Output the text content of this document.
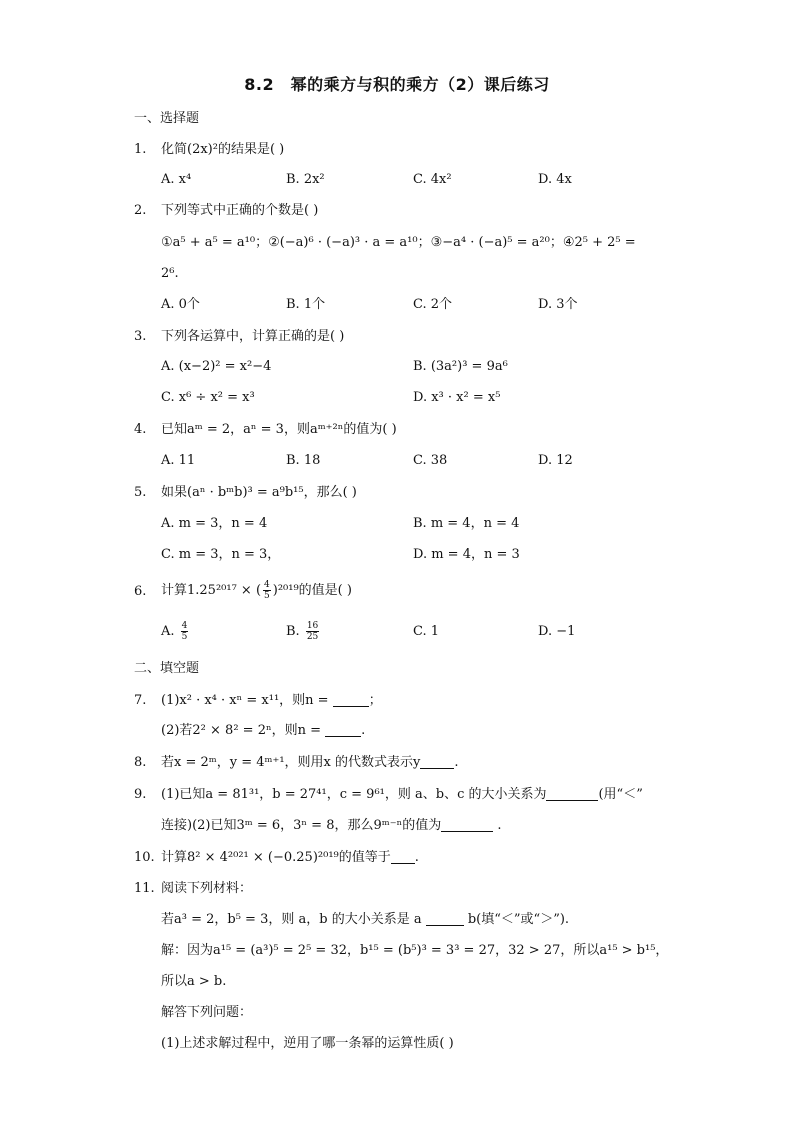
8.2　幂的乘方与积的乘方（2）课后练习
一、选择题
1. 化简(2x)²的结果是( )
A. x⁴	B. 2x²	C. 4x²	D. 4x
2. 下列等式中正确的个数是( )
①a⁵ + a⁵ = a¹⁰；②(−a)⁶ · (−a)³ · a = a¹⁰；③−a⁴ · (−a)⁵ = a²⁰；④2⁵ + 2⁵ =
2⁶.
A. 0个	B. 1个	C. 2个	D. 3个
3. 下列各运算中，计算正确的是( )
A. (x−2)² = x²−4	B. (3a²)³ = 9a⁶
C. x⁶ ÷ x² = x³	D. x³ · x² = x⁵
4. 已知aᵐ = 2，aⁿ = 3，则aᵐ⁺²ⁿ的值为( )
A. 11	B. 18	C. 38	D. 12
5. 如果(aⁿ · bᵐb)³ = a⁹b¹⁵，那么( )
A. m = 3，n = 4	B. m = 4，n = 4
C. m = 3，n = 3，	D. m = 4，n = 3
6. 计算1.25²⁰¹⁷ × ( $\frac{4}{5} )^{2019}$的值是( )
A. $\frac{4}{5}$	B. $\frac{16}{25}$	C. 1	D. −1
二、填空题
7. (1)x² · x⁴ · xⁿ = x¹¹，则n =	；
(2)若2² × 8² = 2ⁿ，则n =	.
8. 若x = 2ᵐ，y = 4ᵐ⁺¹，则用x 的代数式表示y	.
9. (1)已知a = 81³¹，b = 27⁴¹，c = 9⁶¹，则 a、b、c 的大小关系为	(用“＜”
连接)(2)已知3ᵐ = 6，3ⁿ = 8，那么9ᵐ⁻ⁿ的值为	.
10. 计算8² × 4²⁰²¹ × (−0.25)²⁰¹⁹的值等于 .
11. 阅读下列材料：
若a³ = 2，b⁵ = 3，则 a，b 的大小关系是 a	b(填“＜”或“＞”).
解：因为a¹⁵ = (a³)⁵ = 2⁵ = 32，b¹⁵ = (b⁵)³ = 3³ = 27，32 > 27，所以a¹⁵ > b¹⁵，
所以a > b.
解答下列问题：
(1)上述求解过程中，逆用了哪一条幂的运算性质( )
